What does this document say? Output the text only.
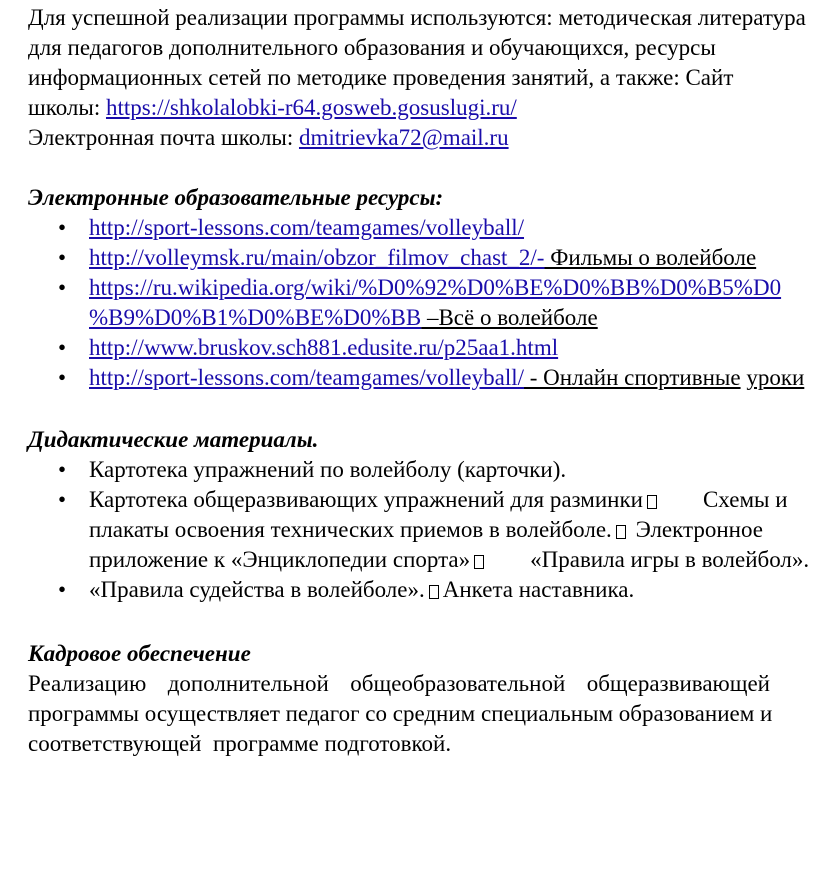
Для успешной реализации программы используются: методическая литература
для педагогов дополнительного образования и обучающихся, ресурсы
информационных сетей по методике проведения занятий, а также: Сайт
школы: https://shkolalobki-r64.gosweb.gosuslugi.ru/
Электронная почта школы: dmitrievka72@mail.ru
Электронные образовательные ресурсы:
• http://sport-lessons.com/teamgames/volleyball/
• http://volleymsk.ru/main/obzor_filmov_chast_2/- Фильмы о волейболе
• https://ru.wikipedia.org/wiki/%D0%92%D0%BE%D0%BB%D0%B5%D0
%B9%D0%B1%D0%BE%D0%BB –Всё о волейболе
• http://www.bruskov.sch881.edusite.ru/p25aa1.html
• http://sport-lessons.com/teamgames/volleyball/ - Онлайн спортивные уроки
Дидактические материалы.
• Картотека упражнений по волейболу (карточки).
• Картотека общеразвивающих упражнений для разминки	Схемы и
плакаты освоения технических приемов в волейболе. Электронное
приложение к «Энциклопедии спорта»	«Правила игры в волейбол».
• «Правила судейства в волейболе». Анкета наставника.
Кадровое обеспечение
Реализацию дополнительной общеобразовательной общеразвивающей
программы осуществляет педагог со средним специальным образованием и
соответствующей  программе подготовкой.
